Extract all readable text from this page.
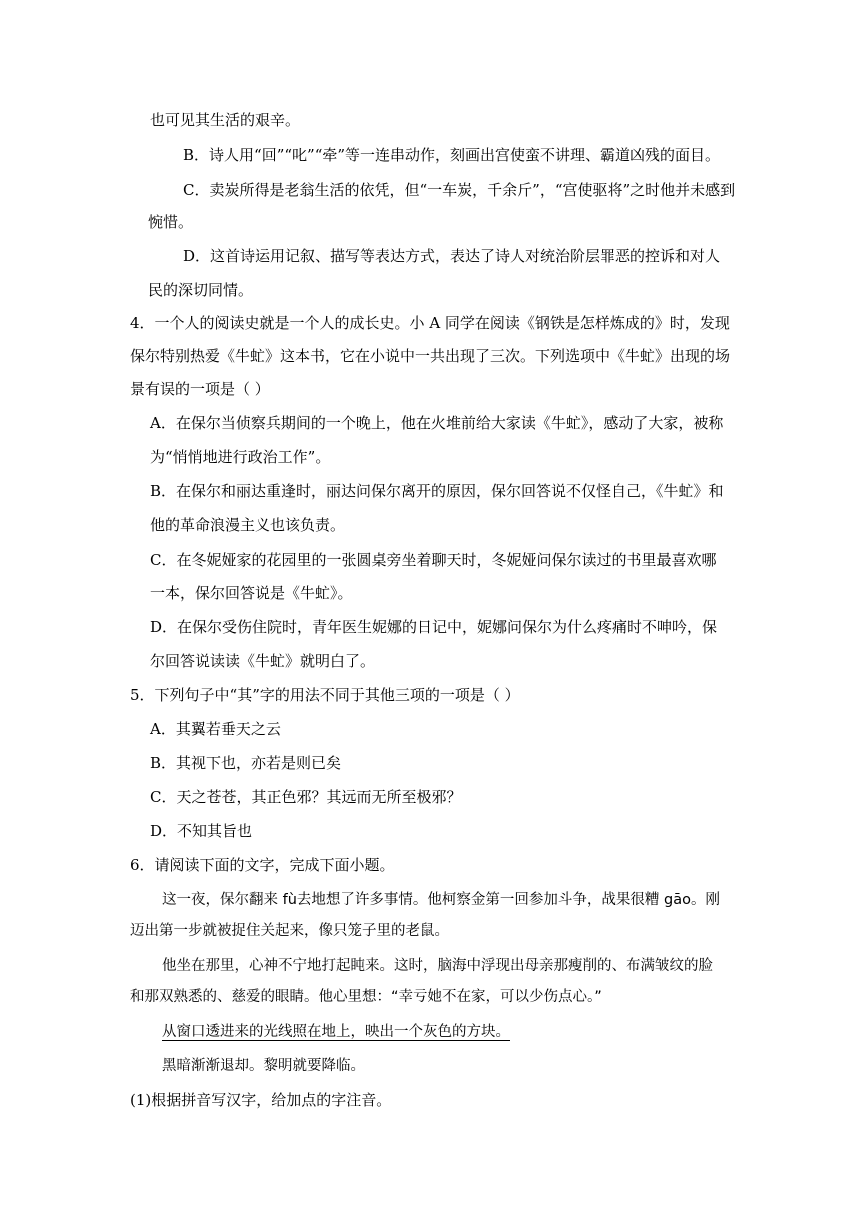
也可见其生活的艰辛。
B．诗人用“回”“叱”“牵”等一连串动作，刻画出宫使蛮不讲理、霸道凶残的面目。
C．卖炭所得是老翁生活的依凭，但“一车炭，千余斤”，“宫使驱将”之时他并未感到
惋惜。
D．这首诗运用记叙、描写等表达方式，表达了诗人对统治阶层罪恶的控诉和对人
民的深切同情。
4．一个人的阅读史就是一个人的成长史。小 A 同学在阅读《钢铁是怎样炼成的》时，发现
保尔特别热爱《牛虻》这本书，它在小说中一共出现了三次。下列选项中《牛虻》出现的场
景有误的一项是（ ）
A．在保尔当侦察兵期间的一个晚上，他在火堆前给大家读《牛虻》，感动了大家，被称
为“悄悄地进行政治工作”。
B．在保尔和丽达重逢时，丽达问保尔离开的原因，保尔回答说不仅怪自己，《牛虻》和
他的革命浪漫主义也该负责。
C．在冬妮娅家的花园里的一张圆桌旁坐着聊天时，冬妮娅问保尔读过的书里最喜欢哪
一本，保尔回答说是《牛虻》。
D．在保尔受伤住院时，青年医生妮娜的日记中，妮娜问保尔为什么疼痛时不呻吟，保
尔回答说读读《牛虻》就明白了。
5．下列句子中“其”字的用法不同于其他三项的一项是（ ）
A．其翼若垂天之云
B．其视下也，亦若是则已矣
C．天之苍苍，其正色邪？其远而无所至极邪？
D．不知其旨也
6．请阅读下面的文字，完成下面小题。
这一夜，保尔翻来 fù去地想了许多事情。他柯察金第一回参加斗争，战果很糟 gāo。刚
迈出第一步就被捉住关起来，像只笼子里的老鼠。
他坐在那里，心神不宁地打起盹来。这时，脑海中浮现出母亲那瘦削的、布满皱纹的脸
和那双熟悉的、慈爱的眼睛。他心里想：“幸亏她不在家，可以少伤点心。”
从窗口透进来的光线照在地上，映出一个灰色的方块。
黑暗渐渐退却。黎明就要降临。
(1)根据拼音写汉字，给加点的字注音。
